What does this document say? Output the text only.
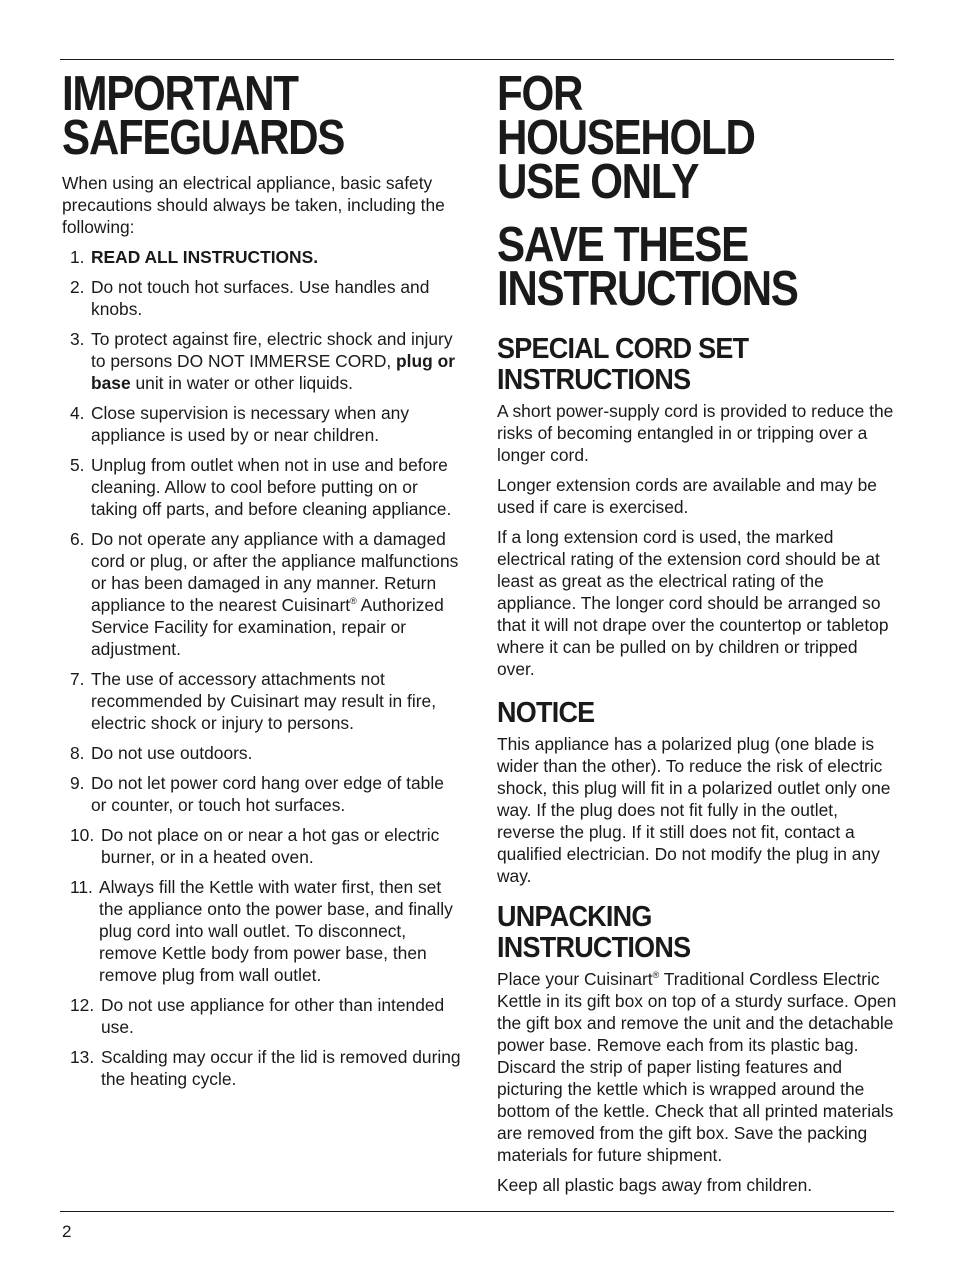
IMPORTANT
SAFEGUARDS

When using an electrical appliance, basic safety precautions should always be taken, including the following:

1. READ ALL INSTRUCTIONS.
2. Do not touch hot surfaces. Use handles and knobs.
3. To protect against fire, electric shock and injury to persons DO NOT IMMERSE CORD, plug or base unit in water or other liquids.
4. Close supervision is necessary when any appliance is used by or near children.
5. Unplug from outlet when not in use and before cleaning. Allow to cool before putting on or taking off parts, and before cleaning appliance.
6. Do not operate any appliance with a damaged cord or plug, or after the appliance malfunctions or has been damaged in any manner. Return appliance to the nearest Cuisinart® Authorized Service Facility for examination, repair or adjustment.
7. The use of accessory attachments not recommended by Cuisinart may result in fire, electric shock or injury to persons.
8. Do not use outdoors.
9. Do not let power cord hang over edge of table or counter, or touch hot surfaces.
10. Do not place on or near a hot gas or electric burner, or in a heated oven.
11. Always fill the Kettle with water first, then set the appliance onto the power base, and finally plug cord into wall outlet. To disconnect, remove Kettle body from power base, then remove plug from wall outlet.
12. Do not use appliance for other than intended use.
13. Scalding may occur if the lid is removed during the heating cycle.
FOR HOUSEHOLD
USE ONLY
SAVE THESE
INSTRUCTIONS
SPECIAL CORD SET
INSTRUCTIONS

A short power-supply cord is provided to reduce the risks of becoming entangled in or tripping over a longer cord.

Longer extension cords are available and may be used if care is exercised.

If a long extension cord is used, the marked electrical rating of the extension cord should be at least as great as the electrical rating of the appliance. The longer cord should be arranged so that it will not drape over the countertop or tabletop where it can be pulled on by children or tripped over.

NOTICE

This appliance has a polarized plug (one blade is wider than the other). To reduce the risk of electric shock, this plug will fit in a polarized outlet only one way. If the plug does not fit fully in the outlet, reverse the plug. If it still does not fit, contact a qualified electrician. Do not modify the plug in any way.

UNPACKING
INSTRUCTIONS

Place your Cuisinart® Traditional Cordless Electric Kettle in its gift box on top of a sturdy surface. Open the gift box and remove the unit and the detachable power base. Remove each from its plastic bag. Discard the strip of paper listing features and picturing the kettle which is wrapped around the bottom of the kettle. Check that all printed materials are removed from the gift box. Save the packing materials for future shipment.

Keep all plastic bags away from children.

2
